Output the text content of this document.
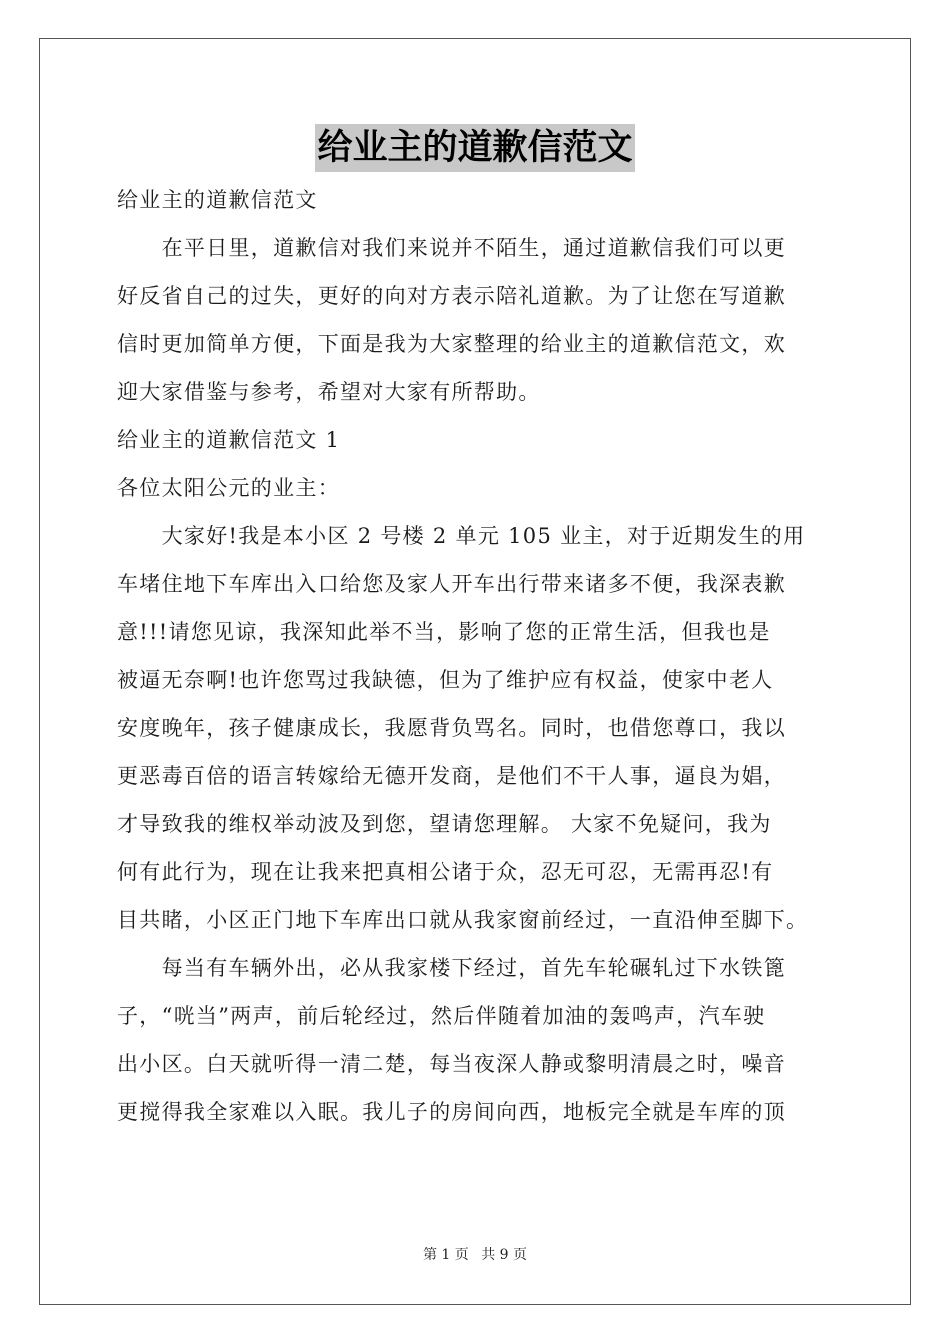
给业主的道歉信范文
给业主的道歉信范文
　　在平日里，道歉信对我们来说并不陌生，通过道歉信我们可以更
好反省自己的过失，更好的向对方表示陪礼道歉。为了让您在写道歉
信时更加简单方便，下面是我为大家整理的给业主的道歉信范文，欢
迎大家借鉴与参考，希望对大家有所帮助。
给业主的道歉信范文 1
各位太阳公元的业主：
　　大家好!我是本小区 2 号楼 2 单元 105 业主，对于近期发生的用
车堵住地下车库出入口给您及家人开车出行带来诸多不便，我深表歉
意!!!请您见谅，我深知此举不当，影响了您的正常生活，但我也是
被逼无奈啊!也许您骂过我缺德，但为了维护应有权益，使家中老人
安度晚年，孩子健康成长，我愿背负骂名。同时，也借您尊口，我以
更恶毒百倍的语言转嫁给无德开发商，是他们不干人事，逼良为娼，
才导致我的维权举动波及到您，望请您理解。 大家不免疑问，我为
何有此行为，现在让我来把真相公诸于众，忍无可忍，无需再忍!有
目共睹，小区正门地下车库出口就从我家窗前经过，一直沿伸至脚下。
　　每当有车辆外出，必从我家楼下经过，首先车轮碾轧过下水铁篦
子，“咣当”两声，前后轮经过，然后伴随着加油的轰鸣声，汽车驶
出小区。白天就听得一清二楚，每当夜深人静或黎明清晨之时，噪音
更搅得我全家难以入眠。我儿子的房间向西，地板完全就是车库的顶
第 1 页 共 9 页
